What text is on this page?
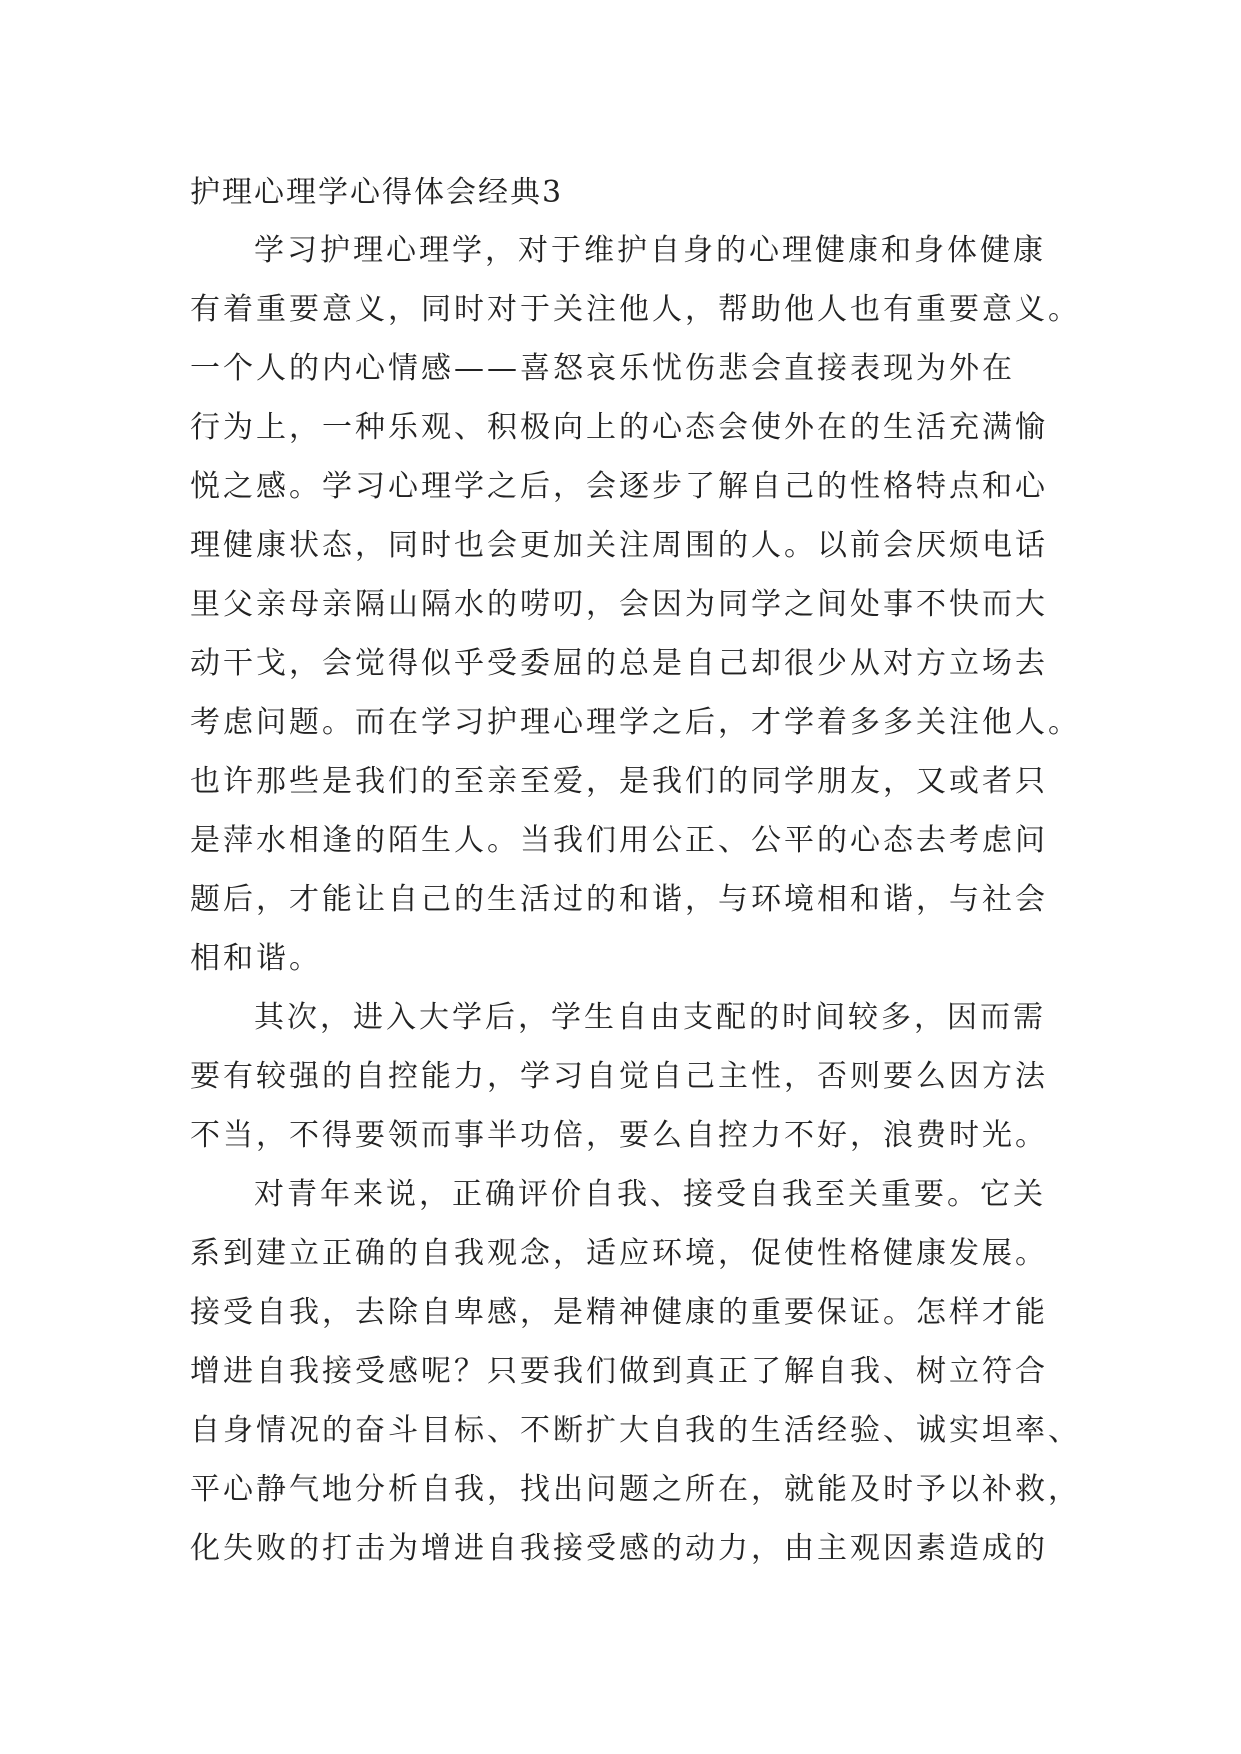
护理心理学心得体会经典3
学习护理心理学，对于维护自身的心理健康和身体健康
有着重要意义，同时对于关注他人，帮助他人也有重要意义。
一个人的内心情感——喜怒哀乐忧伤悲会直接表现为外在
行为上，一种乐观、积极向上的心态会使外在的生活充满愉
悦之感。学习心理学之后，会逐步了解自己的性格特点和心
理健康状态，同时也会更加关注周围的人。以前会厌烦电话
里父亲母亲隔山隔水的唠叨，会因为同学之间处事不快而大
动干戈，会觉得似乎受委屈的总是自己却很少从对方立场去
考虑问题。而在学习护理心理学之后，才学着多多关注他人。
也许那些是我们的至亲至爱，是我们的同学朋友，又或者只
是萍水相逢的陌生人。当我们用公正、公平的心态去考虑问
题后，才能让自己的生活过的和谐，与环境相和谐，与社会
相和谐。
其次，进入大学后，学生自由支配的时间较多，因而需
要有较强的自控能力，学习自觉自己主性，否则要么因方法
不当，不得要领而事半功倍，要么自控力不好，浪费时光。
对青年来说，正确评价自我、接受自我至关重要。它关
系到建立正确的自我观念，适应环境，促使性格健康发展。
接受自我，去除自卑感，是精神健康的重要保证。怎样才能
增进自我接受感呢？只要我们做到真正了解自我、树立符合
自身情况的奋斗目标、不断扩大自我的生活经验、诚实坦率、
平心静气地分析自我，找出问题之所在，就能及时予以补救，
化失败的打击为增进自我接受感的动力，由主观因素造成的
